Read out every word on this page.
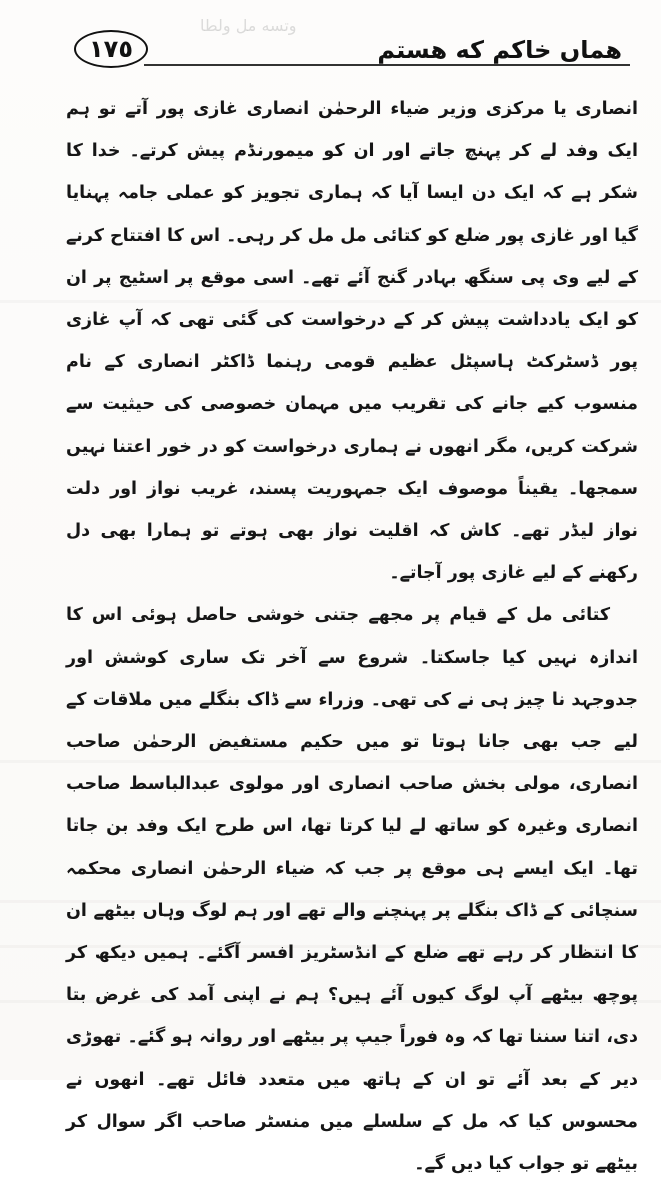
وتسه مل ولطا
١٧٥	هماں خاکم که هستم

انصاری یا مرکزی وزیر ضیاء الرحمٰن انصاری غازی پور آتے تو ہم ایک وفد لے کر پہنچ جاتے اور ان کو میمورنڈم پیش کرتے۔ خدا کا شکر ہے کہ ایک دن ایسا آیا کہ ہماری تجویز کو عملی جامہ پہنایا گیا اور غازی پور ضلع کو کتائی مل مل کر رہی۔ اس کا افتتاح کرنے کے لیے وی پی سنگھ بہادر گنج آئے تھے۔ اسی موقع پر اسٹیج پر ان کو ایک یادداشت پیش کر کے درخواست کی گئی تھی کہ آپ غازی پور ڈسٹرکٹ ہاسپٹل عظیم قومی رہنما ڈاکٹر انصاری کے نام منسوب کیے جانے کی تقریب میں مہمان خصوصی کی حیثیت سے شرکت کریں، مگر انھوں نے ہماری درخواست کو در خور اعتنا نہیں سمجھا۔ یقیناً موصوف ایک جمہوریت پسند، غریب نواز اور دلت نواز لیڈر تھے۔ کاش کہ اقلیت نواز بھی ہوتے تو ہمارا بھی دل رکھنے کے لیے غازی پور آجاتے۔

کتائی مل کے قیام پر مجھے جتنی خوشی حاصل ہوئی اس کا اندازہ نہیں کیا جاسکتا۔ شروع سے آخر تک ساری کوشش اور جدوجہد نا چیز ہی نے کی تھی۔ وزراء سے ڈاک بنگلے میں ملاقات کے لیے جب بھی جانا ہوتا تو میں حکیم مستفیض الرحمٰن صاحب انصاری، مولی بخش صاحب انصاری اور مولوی عبدالباسط صاحب انصاری وغیرہ کو ساتھ لے لیا کرتا تھا، اس طرح ایک وفد بن جاتا تھا۔ ایک ایسے ہی موقع پر جب کہ ضیاء الرحمٰن انصاری محکمہ سنچائی کے ڈاک بنگلے پر پہنچنے والے تھے اور ہم لوگ وہاں بیٹھے ان کا انتظار کر رہے تھے ضلع کے انڈسٹریز افسر آگئے۔ ہمیں دیکھ کر پوچھ بیٹھے آپ لوگ کیوں آئے ہیں؟ ہم نے اپنی آمد کی غرض بتا دی، اتنا سننا تھا کہ وہ فوراً جیپ پر بیٹھے اور روانہ ہو گئے۔ تھوڑی دیر کے بعد آئے تو ان کے ہاتھ میں متعدد فائل تھے۔ انھوں نے محسوس کیا کہ مل کے سلسلے میں منسٹر صاحب اگر سوال کر بیٹھے تو جواب کیا دیں گے۔
